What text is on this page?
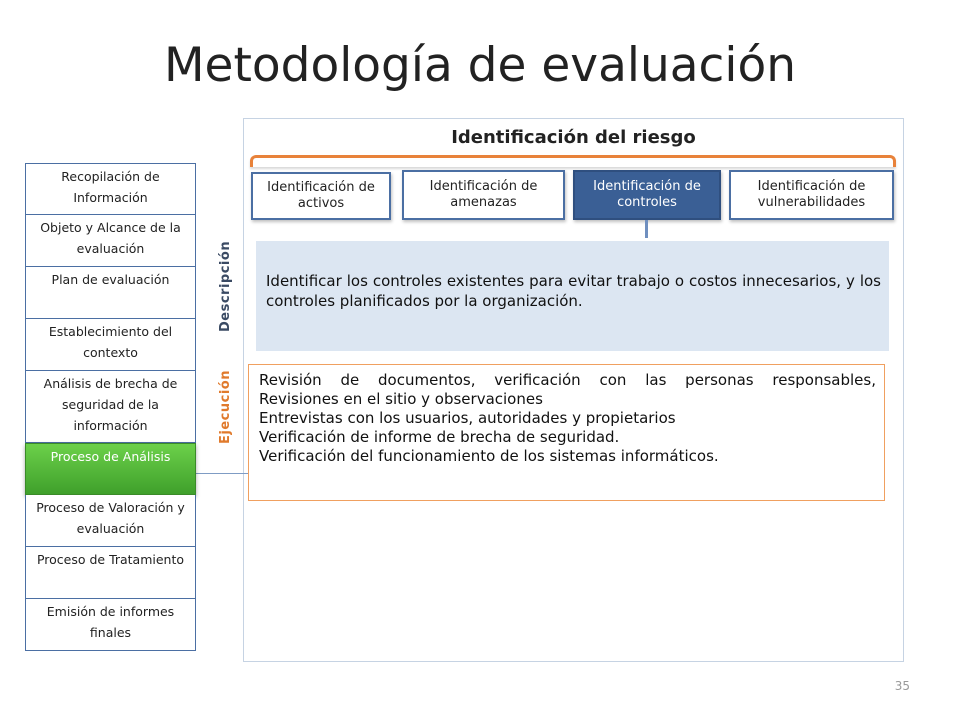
Metodología de evaluación
Identificación del riesgo
Identificación de activos
Identificación de amenazas
Identificación de controles
Identificación de vulnerabilidades
Descripción	Identificar los controles existentes para evitar trabajo o costos innecesarios, y los controles planificados por la organización.
Ejecución Revisión de documentos, verificación con las personas responsables,
Revisiones en el sitio y observaciones
Entrevistas con los usuarios, autoridades y propietarios
Verificación de informe de brecha de seguridad.
Verificación del funcionamiento de los sistemas informáticos.
Recopilación de Información
Objeto y Alcance de la evaluación
Plan de evaluación
Establecimiento del contexto
Análisis de brecha de seguridad de la información
Proceso de Análisis
Proceso de Valoración y evaluación
Proceso de Tratamiento
Emisión de informes finales
35
